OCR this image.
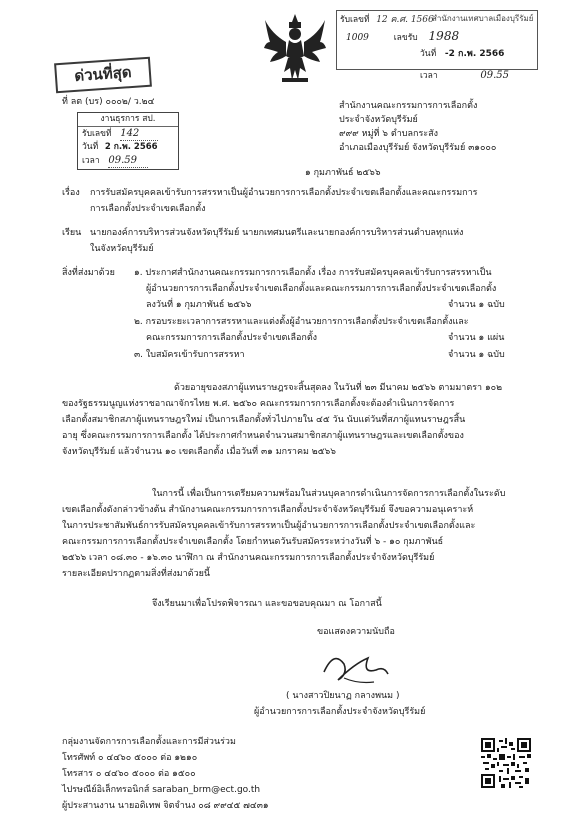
ด่วนที่สุด
ที่ ลต (บร) ๐๐๐๒/ ว.๒๔
งานธุรการ สป.
รับเลขที่ 142
วันที่ 2 ก.พ. 2566
เวลา 09.59
รับเลขที่ 12 ค.ศ. 1566
สำนักงานเทศบาลเมืองบุรีรัมย์
1009	เลขรับ 1988
วันที่ -2 ก.พ. 2566
เวลา	09.55
สำนักงานคณะกรรมการการเลือกตั้ง
ประจำจังหวัดบุรีรัมย์
๙๙๙ หมู่ที่ ๖ ตำบลกระสัง
อำเภอเมืองบุรีรัมย์ จังหวัดบุรีรัมย์ ๓๑๐๐๐
๑ กุมภาพันธ์ ๒๕๖๖
เรื่อง การรับสมัครบุคคลเข้ารับการสรรหาเป็นผู้อำนวยการการเลือกตั้งประจำเขตเลือกตั้งและคณะกรรมการ
การเลือกตั้งประจำเขตเลือกตั้ง
เรียน นายกองค์การบริหารส่วนจังหวัดบุรีรัมย์ นายกเทศมนตรีและนายกองค์การบริหารส่วนตำบลทุกแห่ง
ในจังหวัดบุรีรัมย์
สิ่งที่ส่งมาด้วย ๑. ประกาศสำนักงานคณะกรรมการการเลือกตั้ง เรื่อง การรับสมัครบุคคลเข้ารับการสรรหาเป็น
ผู้อำนวยการการเลือกตั้งประจำเขตเลือกตั้งและคณะกรรมการการเลือกตั้งประจำเขตเลือกตั้ง
ลงวันที่ ๑ กุมภาพันธ์ ๒๕๖๖	จำนวน ๑ ฉบับ
๒. กรอบระยะเวลาการสรรหาและแต่งตั้งผู้อำนวยการการเลือกตั้งประจำเขตเลือกตั้งและ
คณะกรรมการการเลือกตั้งประจำเขตเลือกตั้ง	จำนวน ๑ แผ่น
๓. ใบสมัครเข้ารับการสรรหา	จำนวน ๑ ฉบับ
ด้วยอายุของสภาผู้แทนราษฎรจะสิ้นสุดลง ในวันที่ ๒๓ มีนาคม ๒๕๖๖ ตามมาตรา ๑๐๒
ของรัฐธรรมนูญแห่งราชอาณาจักรไทย พ.ศ. ๒๕๖๐ คณะกรรมการการเลือกตั้งจะต้องดำเนินการจัดการ
เลือกตั้งสมาชิกสภาผู้แทนราษฎรใหม่ เป็นการเลือกตั้งทั่วไปภายใน ๔๕ วัน นับแต่วันที่สภาผู้แทนราษฎรสิ้น
อายุ ซึ่งคณะกรรมการการเลือกตั้ง ได้ประกาศกำหนดจำนวนสมาชิกสภาผู้แทนราษฎรและเขตเลือกตั้งของ
จังหวัดบุรีรัมย์ แล้วจำนวน ๑๐ เขตเลือกตั้ง เมื่อวันที่ ๓๑ มกราคม ๒๕๖๖
ในการนี้ เพื่อเป็นการเตรียมความพร้อมในส่วนบุคลากรดำเนินการจัดการการเลือกตั้งในระดับ
เขตเลือกตั้งดังกล่าวข้างต้น สำนักงานคณะกรรมการการเลือกตั้งประจำจังหวัดบุรีรัมย์ จึงขอความอนุเคราะห์
ในการประชาสัมพันธ์การรับสมัครบุคคลเข้ารับการสรรหาเป็นผู้อำนวยการการเลือกตั้งประจำเขตเลือกตั้งและ
คณะกรรมการการเลือกตั้งประจำเขตเลือกตั้ง โดยกำหนดวันรับสมัครระหว่างวันที่ ๖ - ๑๐ กุมภาพันธ์
๒๕๖๖ เวลา ๐๘.๓๐ - ๑๖.๓๐ นาฬิกา ณ สำนักงานคณะกรรมการการเลือกตั้งประจำจังหวัดบุรีรัมย์
รายละเอียดปรากฏตามสิ่งที่ส่งมาด้วยนี้
จึงเรียนมาเพื่อโปรดพิจารณา และขอขอบคุณมา ณ โอกาสนี้
ขอแสดงความนับถือ
( นางสาวปิยนาฏ กลางพนม )
ผู้อำนวยการการเลือกตั้งประจำจังหวัดบุรีรัมย์
กลุ่มงานจัดการการเลือกตั้งและการมีส่วนร่วม
โทรศัพท์ ๐ ๔๔๖๐ ๕๐๐๐ ต่อ ๑๒๑๐
โทรสาร ๐ ๔๔๖๐ ๕๐๐๐ ต่อ ๑๕๐๐
ไปรษณีย์อิเล็กทรอนิกส์ saraban_brm@ect.go.th
ผู้ประสานงาน นายอดิเทพ จิตจำนง ๐๘ ๙๙๔๕ ๗๔๓๑
